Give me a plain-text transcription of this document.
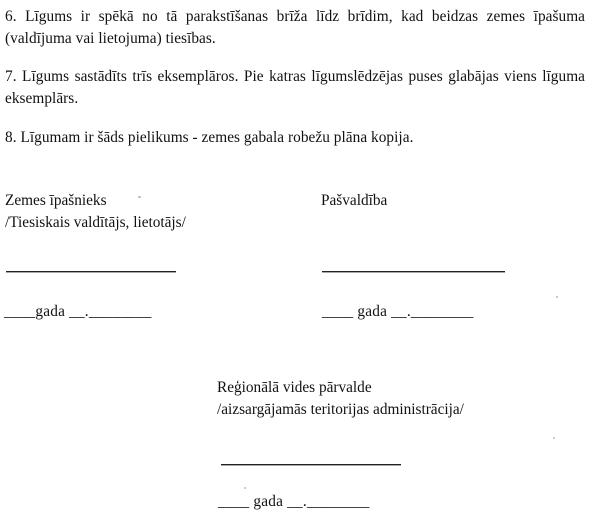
6. Līgums ir spēkā no tā parakstīšanas brīža līdz brīdim, kad beidzas zemes īpašuma (valdījuma vai lietojuma) tiesības.
7. Līgums sastādīts trīs eksemplāros. Pie katras līgumslēdzējas puses glabājas viens līguma eksemplārs.
8. Līgumam ir šāds pielikums - zemes gabala robežu plāna kopija.
Zemes īpašnieks
/Tiesiskais valdītājs, lietotājs/
____gada __.________
Pašvaldība
____ gada __.________
Reģionālā vides pārvalde
/aizsargājamās teritorijas administrācija/
____ gada __.________
